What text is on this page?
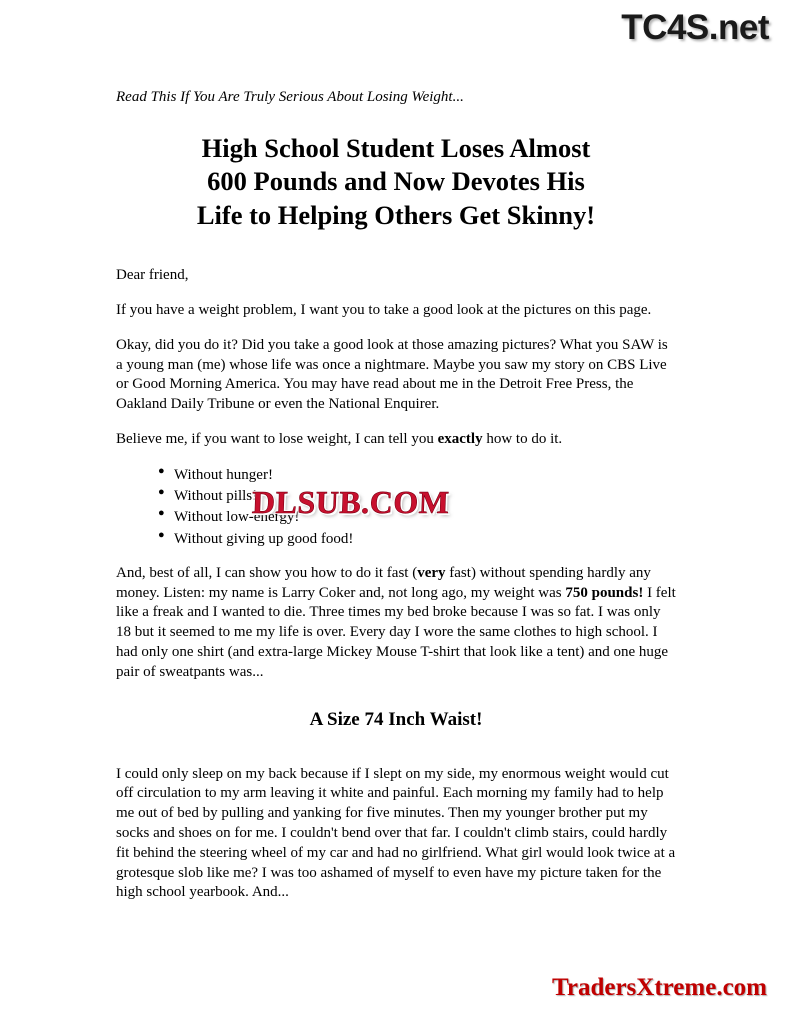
TC4S.net

Read This If You Are Truly Serious About Losing Weight...

High School Student Loses Almost
600 Pounds and Now Devotes His
Life to Helping Others Get Skinny!

Dear friend,

If you have a weight problem, I want you to take a good look at the pictures on this page.

Okay, did you do it? Did you take a good look at those amazing pictures? What you SAW is a young man (me) whose life was once a nightmare. Maybe you saw my story on CBS Live or Good Morning America. You may have read about me in the Detroit Free Press, the Oakland Daily Tribune or even the National Enquirer.

Believe me, if you want to lose weight, I can tell you exactly how to do it.

● Without hunger!
● Without pills!
● Without low-energy!
● Without giving up good food!

And, best of all, I can show you how to do it fast (very fast) without spending hardly any money. Listen: my name is Larry Coker and, not long ago, my weight was 750 pounds! I felt like a freak and I wanted to die. Three times my bed broke because I was so fat. I was only 18 but it seemed to me my life is over. Every day I wore the same clothes to high school. I had only one shirt (and extra-large Mickey Mouse T-shirt that look like a tent) and one huge pair of sweatpants was...

A Size 74 Inch Waist!

I could only sleep on my back because if I slept on my side, my enormous weight would cut off circulation to my arm leaving it white and painful. Each morning my family had to help me out of bed by pulling and yanking for five minutes. Then my younger brother put my socks and shoes on for me. I couldn't bend over that far. I couldn't climb stairs, could hardly fit behind the steering wheel of my car and had no girlfriend. What girl would look twice at a grotesque slob like me? I was too ashamed of myself to even have my picture taken for the high school yearbook. And...

DLSUB.COM
TradersXtreme.com
